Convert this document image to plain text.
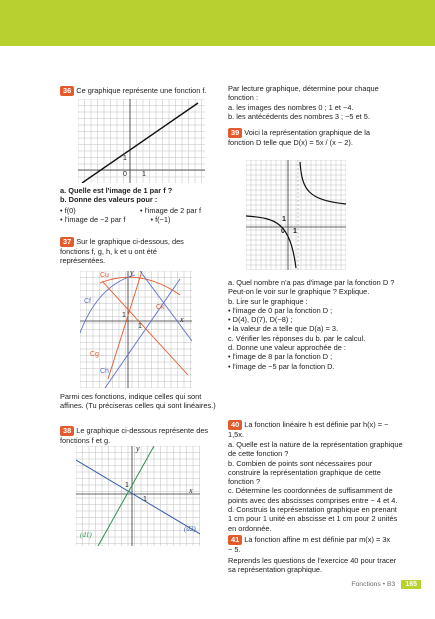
36 Ce graphique représente une fonction f.
0 1
1
a. Quelle est l'image de 1 par f ?
b. Donne des valeurs pour :
• f(0)	• l'image de 2 par f
• l'image de −2 par f	• f(−1)
37 Sur le graphique ci-dessous, des fonctions f, g, h, k et u ont été représentées.
Cu
Cf
Ck
Cg
Ch
y
x
1
1
Parmi ces fonctions, indique celles qui sont affines. (Tu préciseras celles qui sont linéaires.)
38 Le graphique ci-dessous représente des fonctions f et g.
y
x
1
1
(d1)
(d2)
Par lecture graphique, détermine pour chaque fonction :
a. les images des nombres 0 ; 1 et −4.
b. les antécédents des nombres 3 ; −5 et 5.
39 Voici la représentation graphique de la fonction D telle que D(x) = 5x / (x − 2).
0 1
1
a. Quel nombre n'a pas d'image par la fonction D ? Peut-on le voir sur le graphique ? Explique.
b. Lire sur le graphique :
• l'image de 0 par la fonction D ;
• D(4), D(7), D(−8) ;
• la valeur de a telle que D(a) = 3.
c. Vérifier les réponses du b. par le calcul.
d. Donne une valeur approchée de :
• l'image de 8 par la fonction D ;
• l'image de −5 par la fonction D.
40 La fonction linéaire h est définie par h(x) = − 1,5x.
a. Quelle est la nature de la représentation graphique de cette fonction ?
b. Combien de points sont nécessaires pour construire la représentation graphique de cette fonction ?
c. Détermine les coordonnées de suffisamment de points avec des abscisses comprises entre − 4 et 4.
d. Construis la représentation graphique en prenant 1 cm pour 1 unité en abscisse et 1 cm pour 2 unités en ordonnée.
41 La fonction affine m est définie par m(x) = 3x − 5.
Reprends les questions de l'exercice 40 pour tracer sa représentation graphique.
Fonctions • B3 165
